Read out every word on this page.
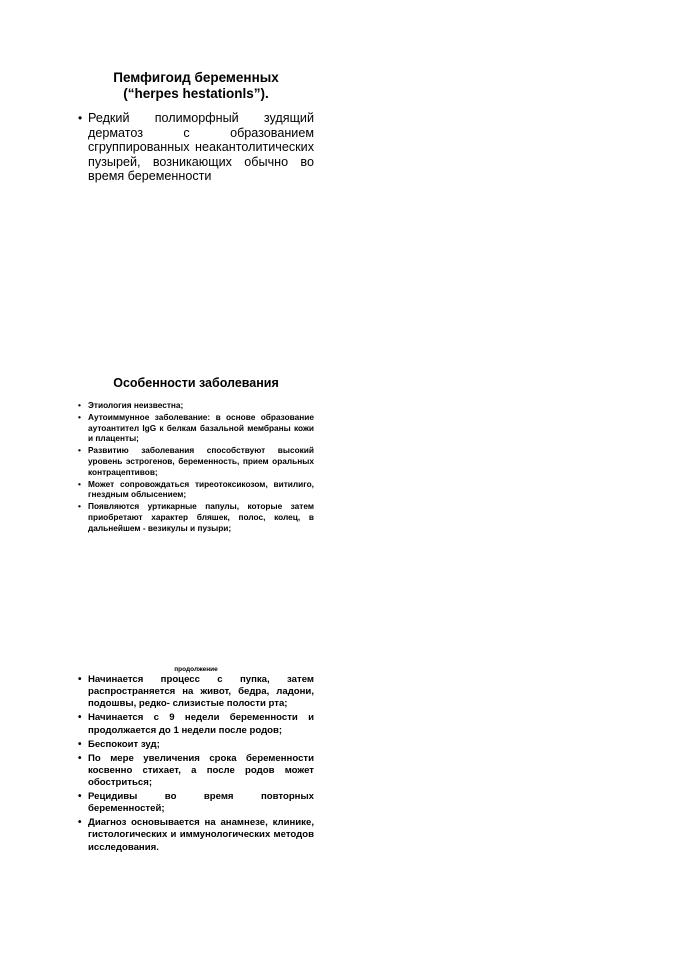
Пемфигоид беременных (“herpes hestationls”).
• Редкий полиморфный зудящий дерматоз с образованием сгруппированных неакантолитических пузырей, возникающих обычно во время беременности
Особенности заболевания
• Этиология неизвестна;
• Аутоиммунное заболевание: в основе образование аутоантител IgG к белкам базальной мембраны кожи и плаценты;
• Развитию заболевания способствуют высокий уровень эстрогенов, беременность, прием оральных контрацептивов;
• Может сопровождаться тиреотоксикозом, витилиго, гнездным облысением;
• Появляются уртикарные папулы, которые затем приобретают характер бляшек, полос, колец, в дальнейшем - везикулы и пузыри;
продолжение
• Начинается процесс с пупка, затем распространяется на живот, бедра, ладони, подошвы, редко- слизистые полости рта;
• Начинается с 9 недели беременности и продолжается до 1 недели после родов;
• Беспокоит зуд;
• По мере увеличения срока беременности косвенно стихает, а после родов может обостриться;
• Рецидивы во время повторных беременностей;
• Диагноз основывается на анамнезе, клинике, гистологических и иммунологических методов исследования.
